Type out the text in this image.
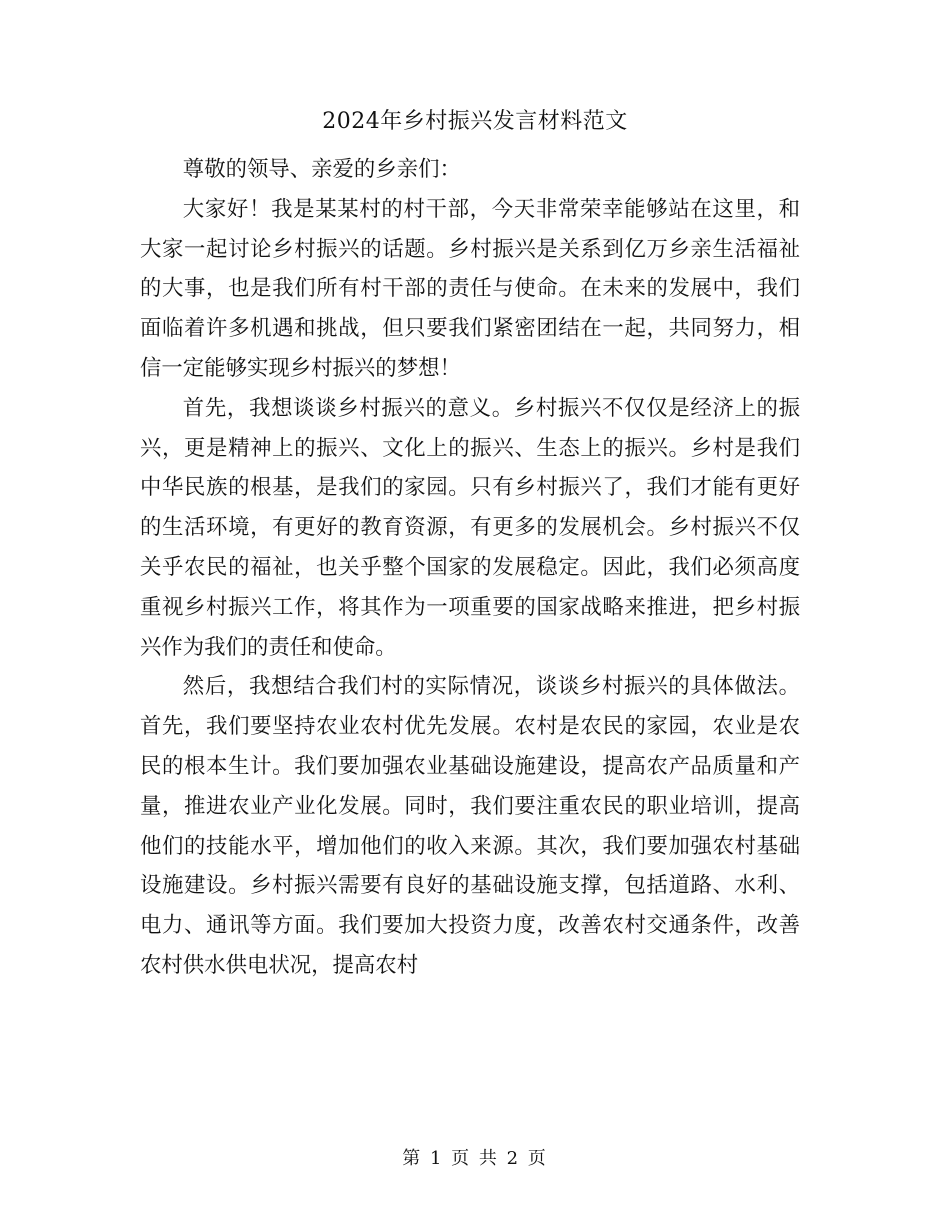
2024年乡村振兴发言材料范文

尊敬的领导、亲爱的乡亲们：

大家好！我是某某村的村干部，今天非常荣幸能够站在这里，和大家一起讨论乡村振兴的话题。乡村振兴是关系到亿万乡亲生活福祉的大事，也是我们所有村干部的责任与使命。在未来的发展中，我们面临着许多机遇和挑战，但只要我们紧密团结在一起，共同努力，相信一定能够实现乡村振兴的梦想！

首先，我想谈谈乡村振兴的意义。乡村振兴不仅仅是经济上的振兴，更是精神上的振兴、文化上的振兴、生态上的振兴。乡村是我们中华民族的根基，是我们的家园。只有乡村振兴了，我们才能有更好的生活环境，有更好的教育资源，有更多的发展机会。乡村振兴不仅关乎农民的福祉，也关乎整个国家的发展稳定。因此，我们必须高度重视乡村振兴工作，将其作为一项重要的国家战略来推进，把乡村振兴作为我们的责任和使命。

然后，我想结合我们村的实际情况，谈谈乡村振兴的具体做法。首先，我们要坚持农业农村优先发展。农村是农民的家园，农业是农民的根本生计。我们要加强农业基础设施建设，提高农产品质量和产量，推进农业产业化发展。同时，我们要注重农民的职业培训，提高他们的技能水平，增加他们的收入来源。其次，我们要加强农村基础设施建设。乡村振兴需要有良好的基础设施支撑，包括道路、水利、电力、通讯等方面。我们要加大投资力度，改善农村交通条件，改善农村供水供电状况，提高农村

第 1 页 共 2 页
